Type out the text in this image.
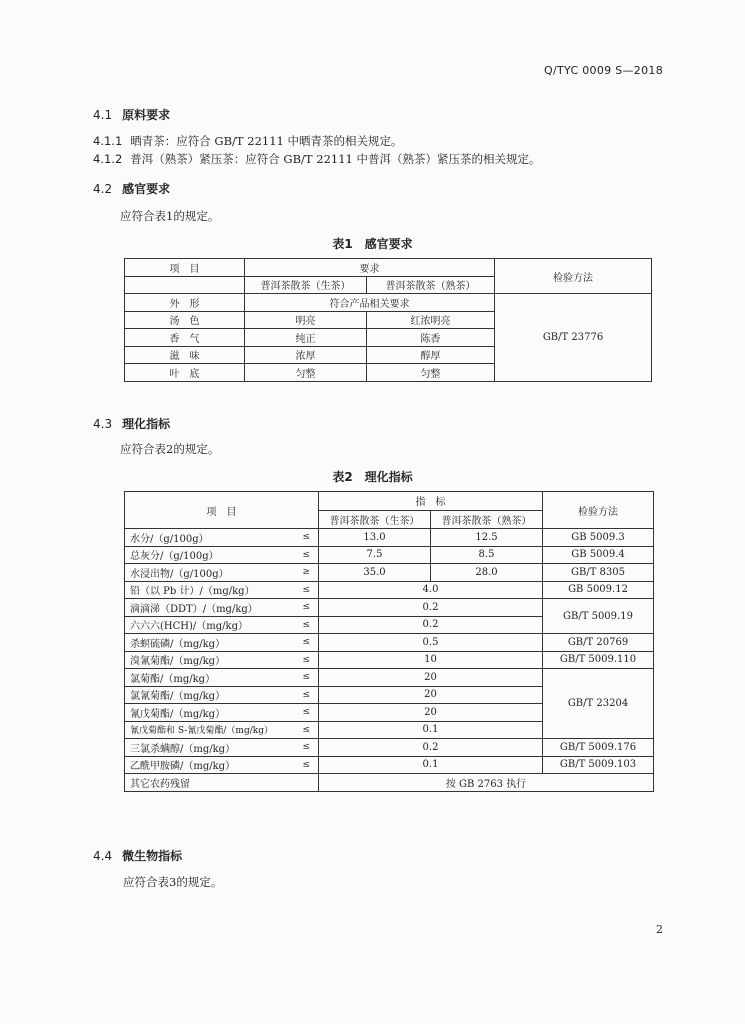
Q/TYC 0009 S—2018
4.1 原料要求
4.1.1 晒青茶：应符合 GB/T 22111 中晒青茶的相关规定。
4.1.2 普洱（熟茶）紧压茶：应符合 GB/T 22111 中普洱（熟茶）紧压茶的相关规定。
4.2 感官要求
应符合表1的规定。
表1　感官要求
项　目	要求		检验方法
	普洱茶散茶（生茶）	普洱茶散茶（熟茶）	
外　形	符合产品相关要求		GB/T 23776
汤　色	明亮	红浓明亮	
香　气	纯正	陈香	
滋　味	浓厚	醇厚	
叶　底	匀整	匀整	
4.3 理化指标
应符合表2的规定。
表2　理化指标
项　目		指　标		检验方法
		普洱茶散茶（生茶）	普洱茶散茶（熟茶）	
水分/（g/100g）	≤	13.0	12.5	GB 5009.3
总灰分/（g/100g）	≤	7.5	8.5	GB 5009.4
水浸出物/（g/100g）	≥	35.0	28.0	GB/T 8305
铅（以 Pb 计）/（mg/kg）	≤	4.0		GB 5009.12
滴滴涕（DDT）/（mg/kg）	≤	0.2		GB/T 5009.19
六六六(HCH)/（mg/kg）	≤	0.2		
杀螟硫磷/（mg/kg）	≤	0.5		GB/T 20769
溴氰菊酯/（mg/kg）	≤	10		GB/T 5009.110
氯菊酯/（mg/kg）	≤	20		GB/T 23204
氯氰菊酯/（mg/kg）	≤	20		
氰戊菊酯/（mg/kg）	≤	20		
氰戊菊酯和 S-氰戊菊酯/（mg/kg）	≤	0.1		
三氯杀螨醇/（mg/kg）	≤	0.2		GB/T 5009.176
乙酰甲胺磷/（mg/kg）	≤	0.1		GB/T 5009.103
其它农药残留		按 GB 2763 执行		
4.4 微生物指标
应符合表3的规定。
2
